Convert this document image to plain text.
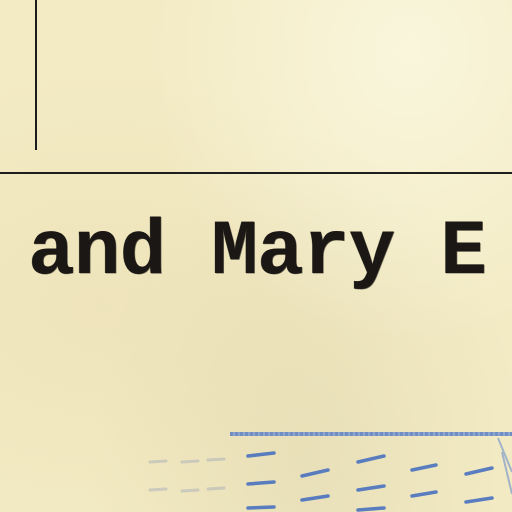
and Mary E
